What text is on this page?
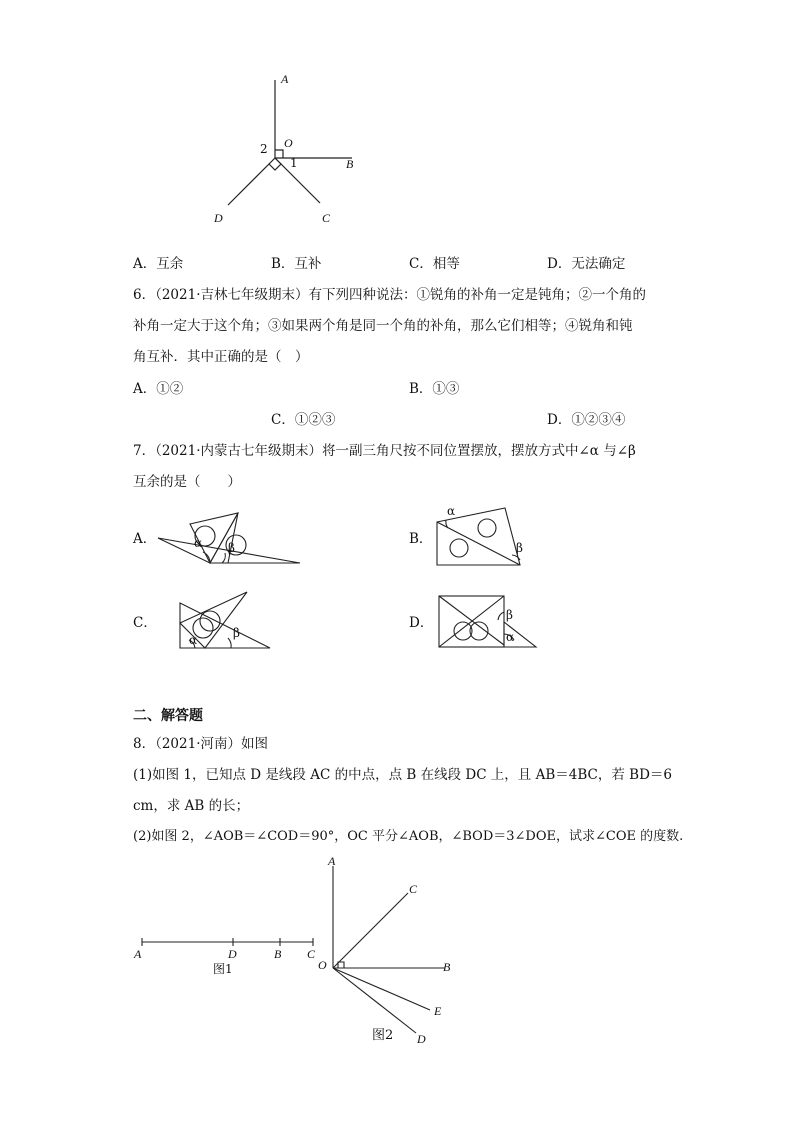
A
O
B
C
D
1
2
A．互余	B．互补	C．相等	D．无法确定
6．（2021·吉林七年级期末）有下列四种说法：①锐角的补角一定是钝角；②一个角的
补角一定大于这个角；③如果两个角是同一个角的补角，那么它们相等；④锐角和钝
角互补．其中正确的是（　）
A．①②	B．①③
C．①②③	D．①②③④
7．（2021·内蒙古七年级期末）将一副三角尺按不同位置摆放，摆放方式中∠α 与∠β
互余的是（　　）
A．	B．
C．	D．
α β
α
β
α	β	α
β
二、解答题
8．（2021·河南）如图
(1)如图 1，已知点 D 是线段 AC 的中点，点 B 在线段 DC 上，且 AB＝4BC，若 BD＝6
cm，求 AB 的长；
(2)如图 2，∠AOB＝∠COD＝90°，OC 平分∠AOB，∠BOD＝3∠DOE，试求∠COE 的度数.
A	D	B C
图1
A
C
O	B
E
D
图2
